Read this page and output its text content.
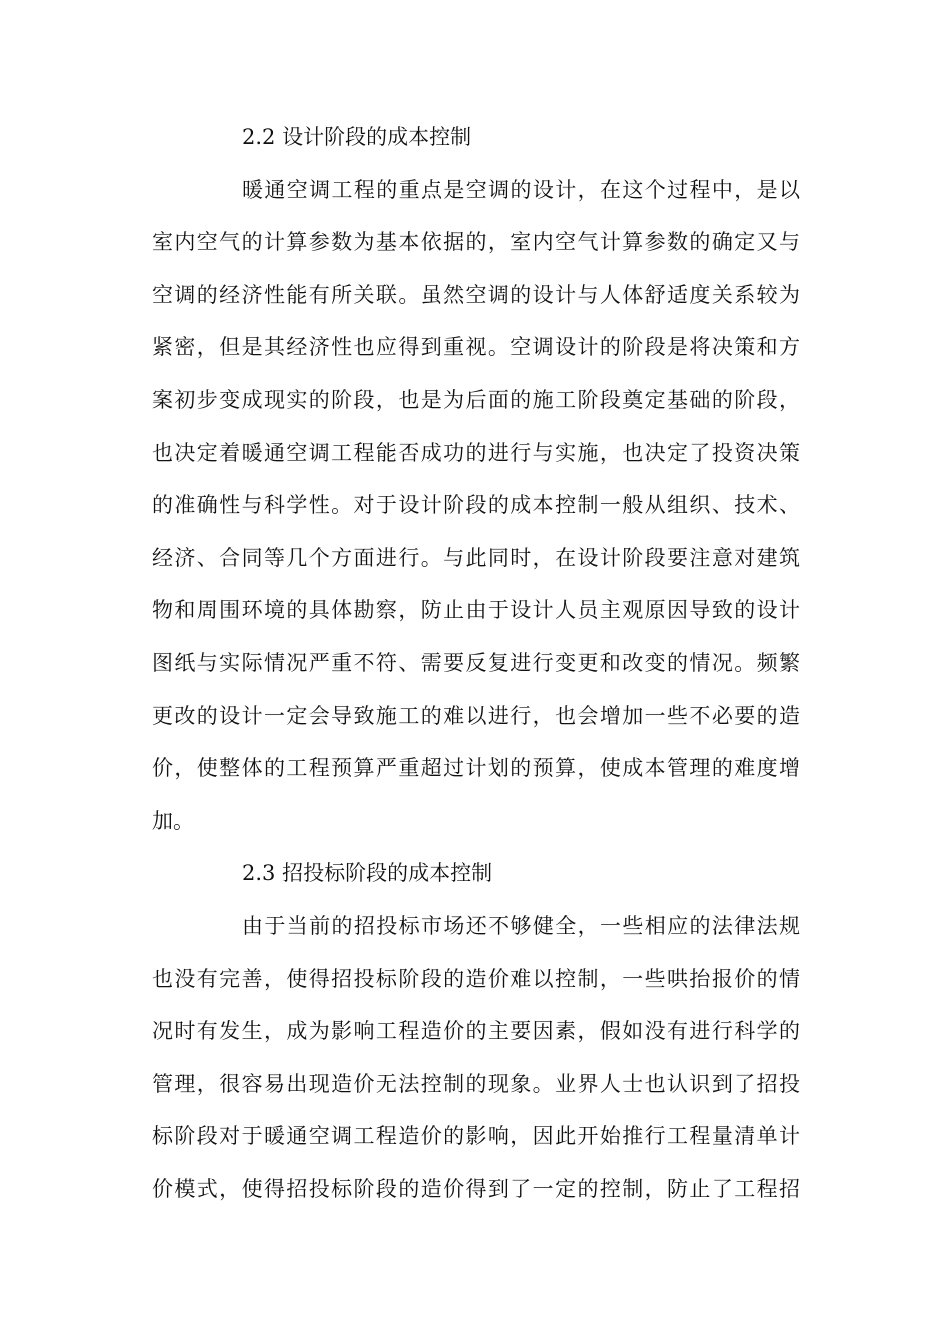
2.2 设计阶段的成本控制
暖通空调工程的重点是空调的设计，在这个过程中，是以
室内空气的计算参数为基本依据的，室内空气计算参数的确定又与
空调的经济性能有所关联。虽然空调的设计与人体舒适度关系较为
紧密，但是其经济性也应得到重视。空调设计的阶段是将决策和方
案初步变成现实的阶段，也是为后面的施工阶段奠定基础的阶段，
也决定着暖通空调工程能否成功的进行与实施，也决定了投资决策
的准确性与科学性。对于设计阶段的成本控制一般从组织、技术、
经济、合同等几个方面进行。与此同时，在设计阶段要注意对建筑
物和周围环境的具体勘察，防止由于设计人员主观原因导致的设计
图纸与实际情况严重不符、需要反复进行变更和改变的情况。频繁
更改的设计一定会导致施工的难以进行，也会增加一些不必要的造
价，使整体的工程预算严重超过计划的预算，使成本管理的难度增
加。
2.3 招投标阶段的成本控制
由于当前的招投标市场还不够健全，一些相应的法律法规
也没有完善，使得招投标阶段的造价难以控制，一些哄抬报价的情
况时有发生，成为影响工程造价的主要因素，假如没有进行科学的
管理，很容易出现造价无法控制的现象。业界人士也认识到了招投
标阶段对于暖通空调工程造价的影响，因此开始推行工程量清单计
价模式，使得招投标阶段的造价得到了一定的控制，防止了工程招
